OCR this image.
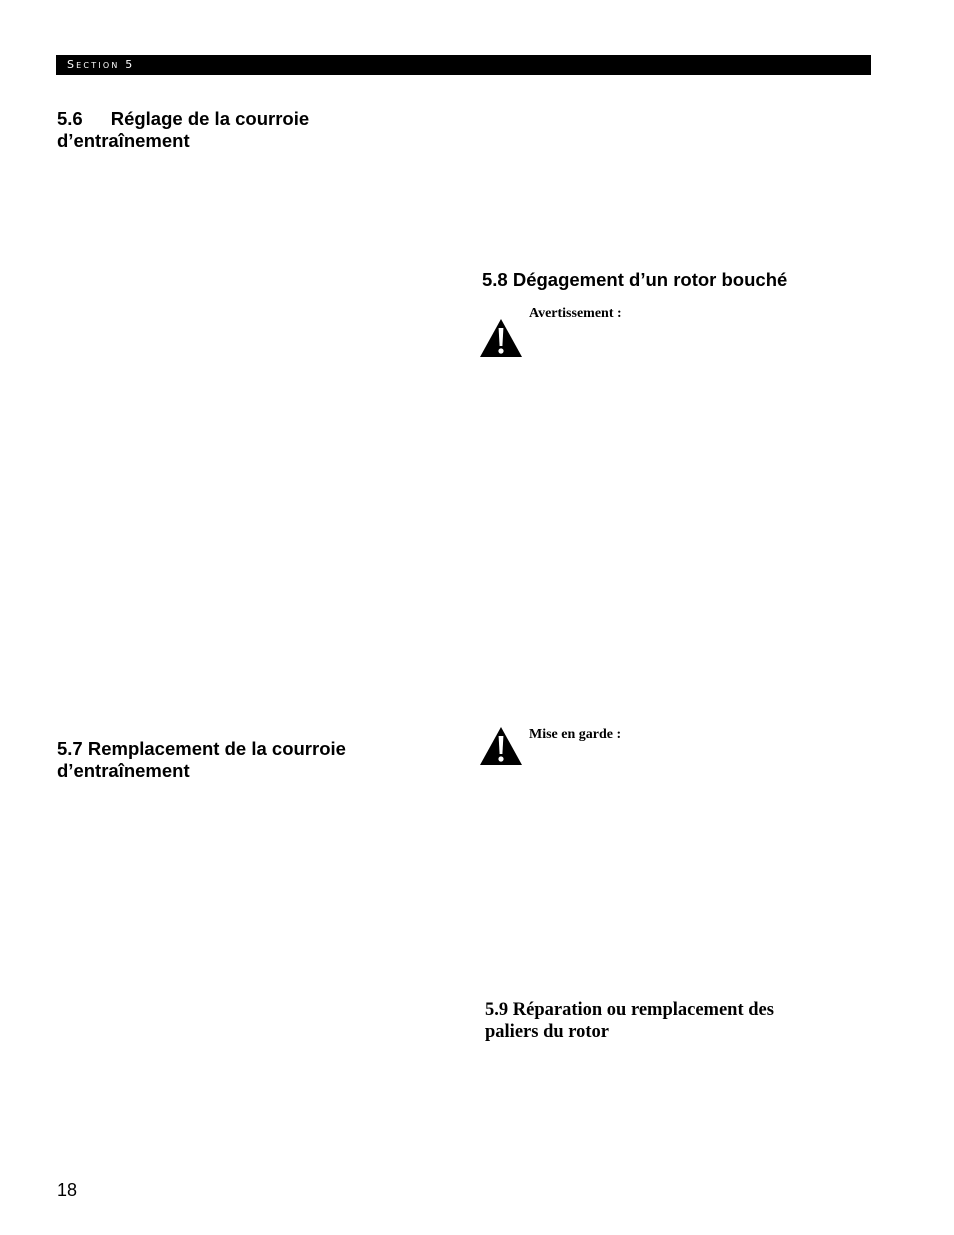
Section 5
5.6 Réglage de la courroie
d’entraînement
5.7 Remplacement de la courroie
d’entraînement
5.8 Dégagement d’un rotor bouché
Avertissement :
Mise en garde :
5.9 Réparation ou remplacement des
paliers du rotor
18
